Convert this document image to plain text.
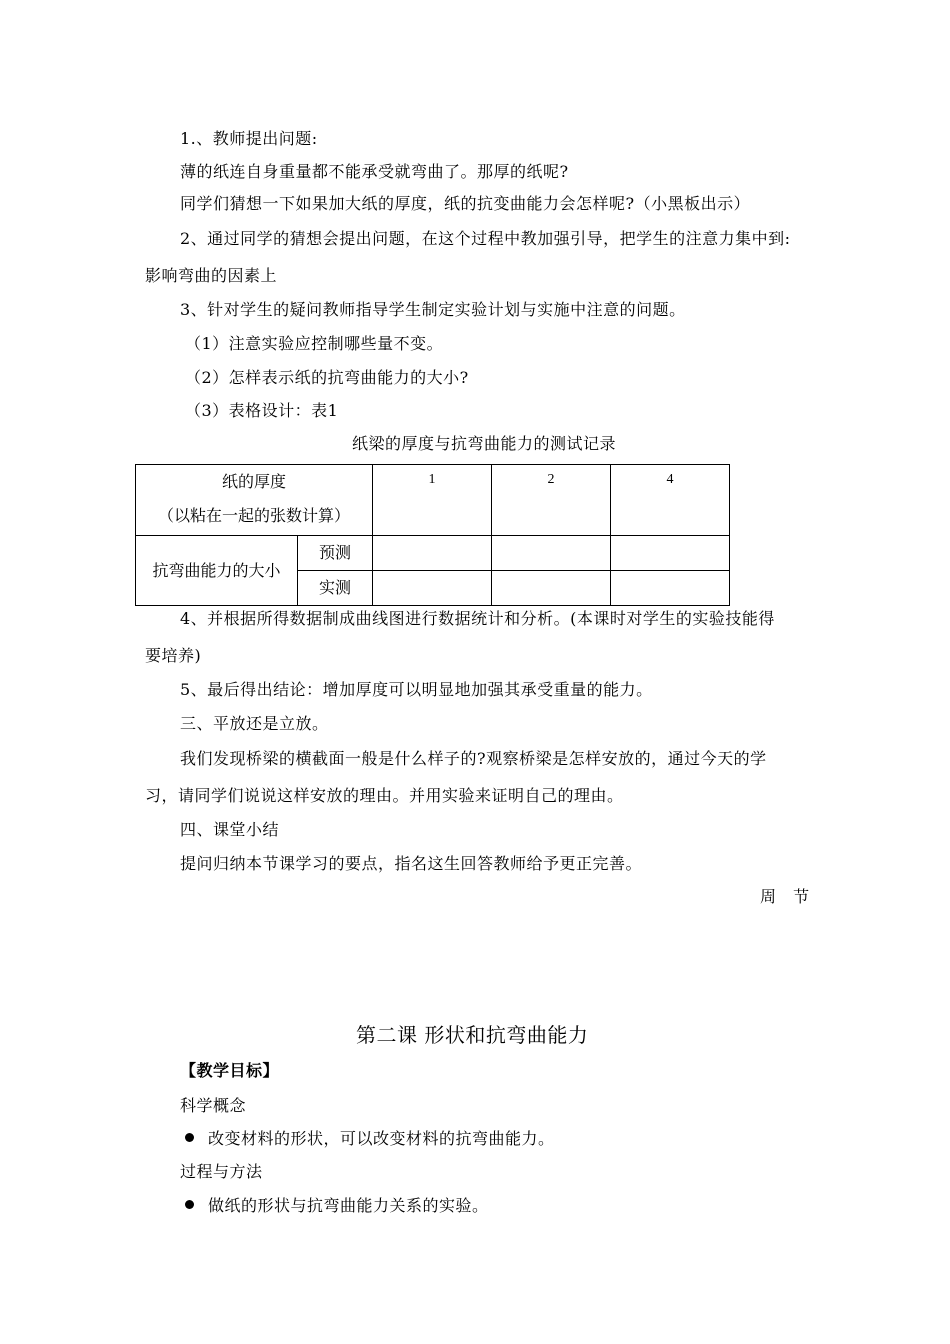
1.、教师提出问题:
薄的纸连自身重量都不能承受就弯曲了。那厚的纸呢?
同学们猜想一下如果加大纸的厚度，纸的抗变曲能力会怎样呢?（小黑板出示）
2、通过同学的猜想会提出问题，在这个过程中教加强引导，把学生的注意力集中到:
影响弯曲的因素上
3、针对学生的疑问教师指导学生制定实验计划与实施中注意的问题。
（1）注意实验应控制哪些量不变。
（2）怎样表示纸的抗弯曲能力的大小?
（3）表格设计：表1
纸梁的厚度与抗弯曲能力的测试记录
纸的厚度
（以粘在一起的张数计算）		1	2	4
抗弯曲能力的大小	预测			
	实测			
4、并根据所得数据制成曲线图进行数据统计和分析。(本课时对学生的实验技能得
要培养)
5、最后得出结论：增加厚度可以明显地加强其承受重量的能力。
三、平放还是立放。
我们发现桥梁的横截面一般是什么样子的?观察桥梁是怎样安放的，通过今天的学
习，请同学们说说这样安放的理由。并用实验来证明自己的理由。
四、课堂小结
提问归纳本节课学习的要点，指名这生回答教师给予更正完善。
周 节
第二课 形状和抗弯曲能力
【教学目标】
科学概念
改变材料的形状，可以改变材料的抗弯曲能力。
过程与方法
做纸的形状与抗弯曲能力关系的实验。
